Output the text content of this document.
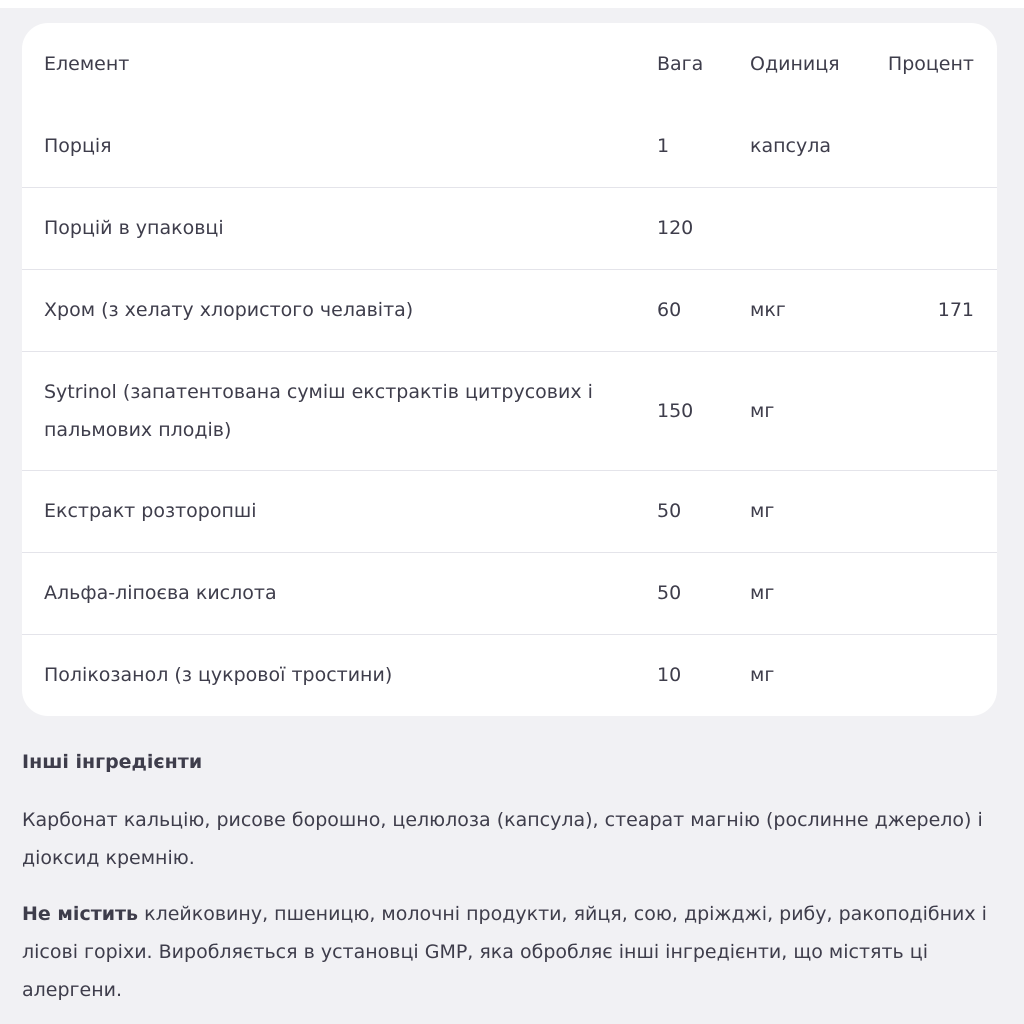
Елемент	Вага	Одиниця	Процент
Порція	1	капсула	
Порцій в упаковці	120		
Хром (з хелату хлористого челавіта)	60	мкг	171
Sytrinol (запатентована суміш екстрактів цитрусових і пальмових плодів)	150	мг	
Екстракт розторопші	50	мг	
Альфа-ліпоєва кислота	50	мг	
Полікозанол (з цукрової тростини)	10	мг	
Інші інгредієнти
Карбонат кальцію, рисове борошно, целюлоза (капсула), стеарат магнію (рослинне джерело) і діоксид кремнію.
Не містить клейковину, пшеницю, молочні продукти, яйця, сою, дріжджі, рибу, ракоподібних і лісові горіхи. Виробляється в установці GMP, яка обробляє інші інгредієнти, що містять ці алергени.
